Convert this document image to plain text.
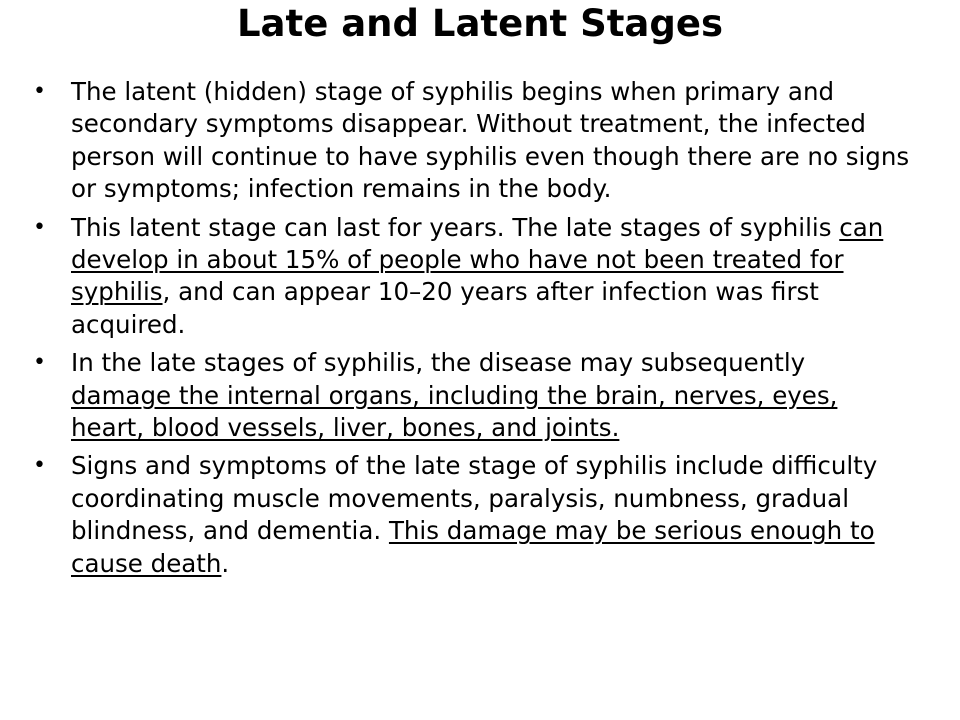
Late and Latent Stages
• The latent (hidden) stage of syphilis begins when primary and secondary symptoms disappear. Without treatment, the infected person will continue to have syphilis even though there are no signs or symptoms; infection remains in the body.
• This latent stage can last for years. The late stages of syphilis can develop in about 15% of people who have not been treated for syphilis, and can appear 10–20 years after infection was first acquired.
• In the late stages of syphilis, the disease may subsequently damage the internal organs, including the brain, nerves, eyes, heart, blood vessels, liver, bones, and joints.
• Signs and symptoms of the late stage of syphilis include difficulty coordinating muscle movements, paralysis, numbness, gradual blindness, and dementia. This damage may be serious enough to cause death.
